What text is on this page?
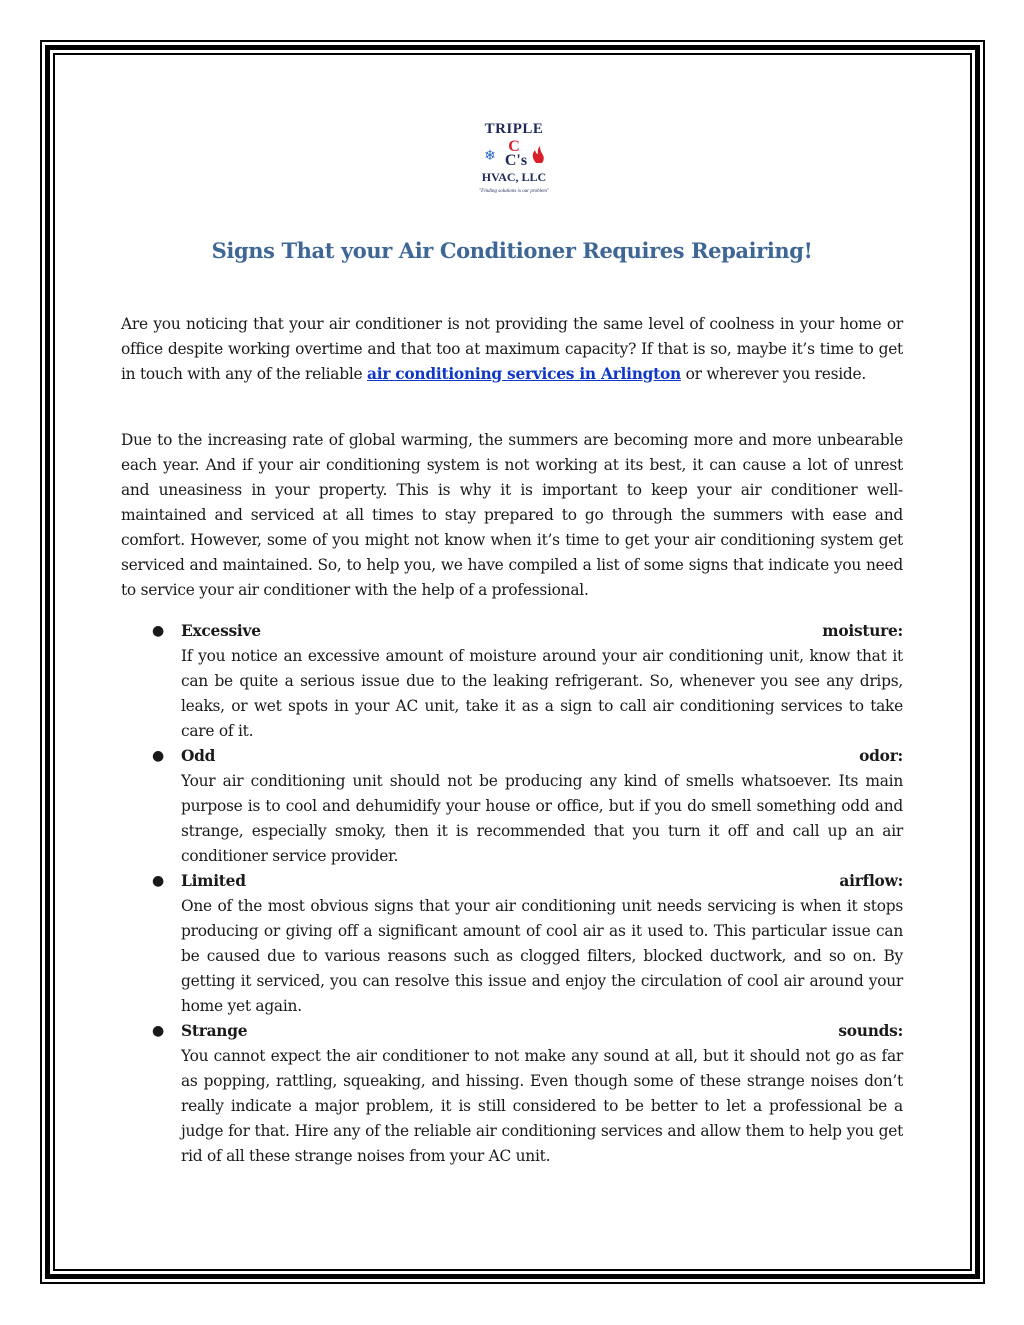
TRIPLE
❄
C
C's
HVAC, LLC
"Finding solutions is our problem"
Signs That your Air Conditioner Requires Repairing!

Are you noticing that your air conditioner is not providing the same level of coolness in your home or office despite working overtime and that too at maximum capacity? If that is so, maybe it’s time to get in touch with any of the reliable air conditioning services in Arlington or wherever you reside.

Due to the increasing rate of global warming, the summers are becoming more and more unbearable each year. And if your air conditioning system is not working at its best, it can cause a lot of unrest and uneasiness in your property. This is why it is important to keep your air conditioner well-maintained and serviced at all times to stay prepared to go through the summers with ease and comfort. However, some of you might not know when it’s time to get your air conditioning system get serviced and maintained. So, to help you, we have compiled a list of some signs that indicate you need to service your air conditioner with the help of a professional.

● Excessive	moisture:
If you notice an excessive amount of moisture around your air conditioning unit, know that it can be quite a serious issue due to the leaking refrigerant. So, whenever you see any drips, leaks, or wet spots in your AC unit, take it as a sign to call air conditioning services to take care of it.
● Odd	odor:
Your air conditioning unit should not be producing any kind of smells whatsoever. Its main purpose is to cool and dehumidify your house or office, but if you do smell something odd and strange, especially smoky, then it is recommended that you turn it off and call up an air conditioner service provider.
● Limited	airflow:
One of the most obvious signs that your air conditioning unit needs servicing is when it stops producing or giving off a significant amount of cool air as it used to. This particular issue can be caused due to various reasons such as clogged filters, blocked ductwork, and so on. By getting it serviced, you can resolve this issue and enjoy the circulation of cool air around your home yet again.
● Strange	sounds:
You cannot expect the air conditioner to not make any sound at all, but it should not go as far as popping, rattling, squeaking, and hissing. Even though some of these strange noises don’t really indicate a major problem, it is still considered to be better to let a professional be a judge for that. Hire any of the reliable air conditioning services and allow them to help you get rid of all these strange noises from your AC unit.
